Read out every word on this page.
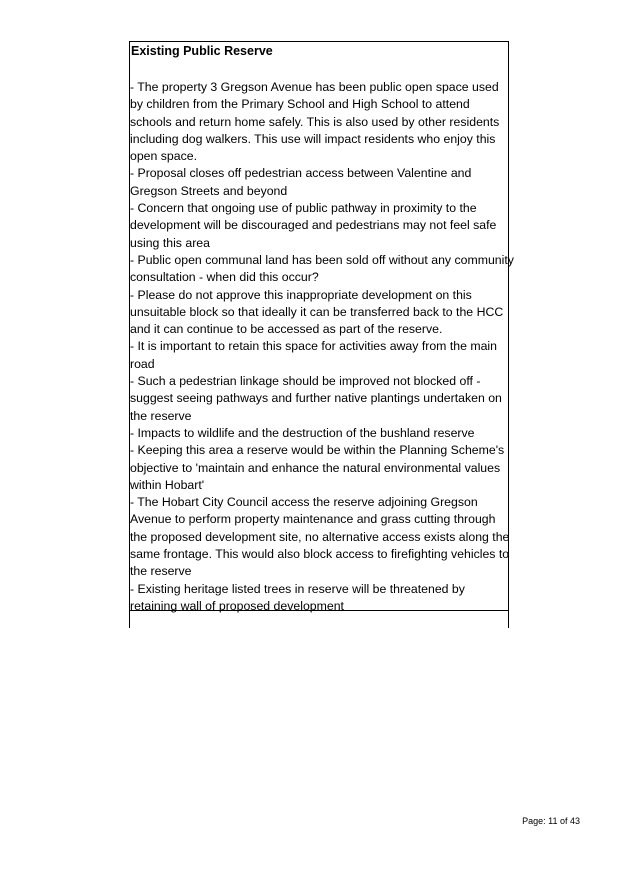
Existing Public Reserve
- The property 3 Gregson Avenue has been public open space used
by children from the Primary School and High School to attend
schools and return home safely. This is also used by other residents
including dog walkers. This use will impact residents who enjoy this
open space.
- Proposal closes off pedestrian access between Valentine and
Gregson Streets and beyond
- Concern that ongoing use of public pathway in proximity to the
development will be discouraged and pedestrians may not feel safe
using this area
- Public open communal land has been sold off without any community
consultation - when did this occur?
- Please do not approve this inappropriate development on this
unsuitable block so that ideally it can be transferred back to the HCC
and it can continue to be accessed as part of the reserve.
- It is important to retain this space for activities away from the main
road
- Such a pedestrian linkage should be improved not blocked off -
suggest seeing pathways and further native plantings undertaken on
the reserve
- Impacts to wildlife and the destruction of the bushland reserve
- Keeping this area a reserve would be within the Planning Scheme's
objective to 'maintain and enhance the natural environmental values
within Hobart'
- The Hobart City Council access the reserve adjoining Gregson
Avenue to perform property maintenance and grass cutting through
the proposed development site, no alternative access exists along the
same frontage. This would also block access to firefighting vehicles to
the reserve
- Existing heritage listed trees in reserve will be threatened by
retaining wall of proposed development
Page: 11 of 43
